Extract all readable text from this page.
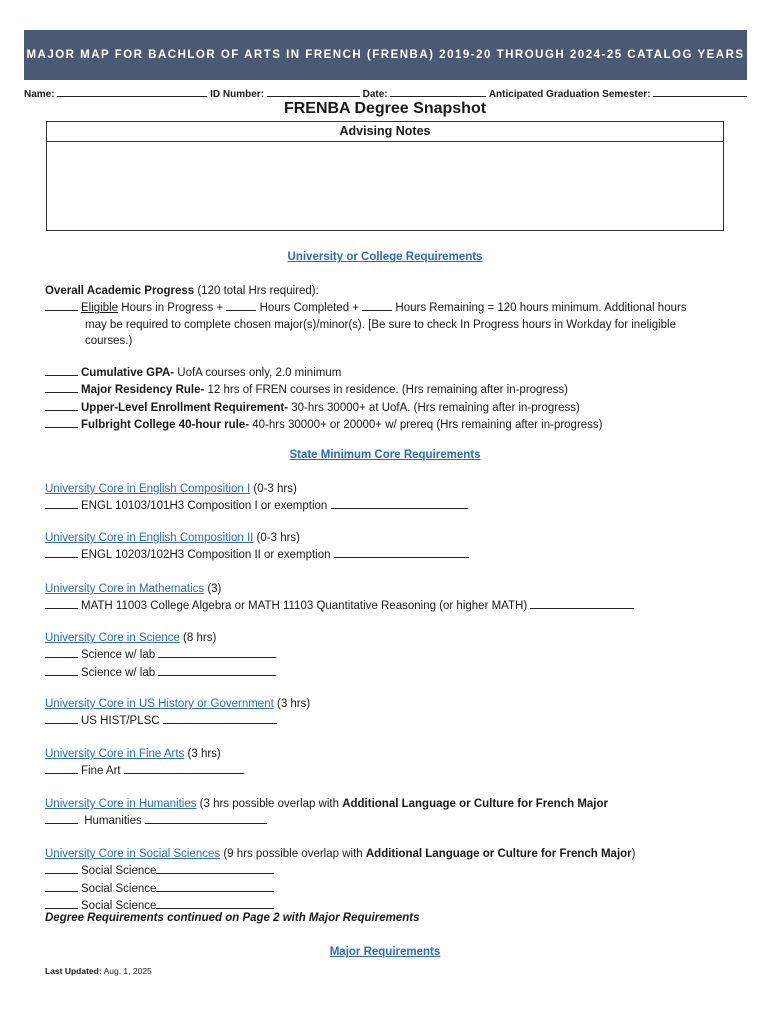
MAJOR MAP FOR BACHLOR OF ARTS IN FRENCH (FRENBA) 2019-20 THROUGH 2024-25 CATALOG YEARS
Name:	ID Number:	Date:	Anticipated Graduation Semester:
FRENBA Degree Snapshot
Advising Notes
University or College Requirements
Overall Academic Progress (120 total Hrs required):
Eligible Hours in Progress +	Hours Completed +	Hours Remaining = 120 hours minimum. Additional hours
may be required to complete chosen major(s)/minor(s). [Be sure to check In Progress hours in Workday for ineligible
courses.)
Cumulative GPA- UofA courses only, 2.0 minimum
Major Residency Rule- 12 hrs of FREN courses in residence. (Hrs remaining after in-progress)
Upper-Level Enrollment Requirement- 30-hrs 30000+ at UofA. (Hrs remaining after in-progress)
Fulbright College 40-hour rule- 40-hrs 30000+ or 20000+ w/ prereq (Hrs remaining after in-progress)
State Minimum Core Requirements
University Core in English Composition I (0-3 hrs)
ENGL 10103/101H3 Composition I or exemption
University Core in English Composition II (0-3 hrs)
ENGL 10203/102H3 Composition II or exemption
University Core in Mathematics (3)
MATH 11003 College Algebra or MATH 11103 Quantitative Reasoning (or higher MATH)
University Core in Science (8 hrs)
Science w/ lab
Science w/ lab
University Core in US History or Government (3 hrs)
US HIST/PLSC
University Core in Fine Arts (3 hrs)
Fine Art
University Core in Humanities (3 hrs possible overlap with Additional Language or Culture for French Major
Humanities
University Core in Social Sciences (9 hrs possible overlap with Additional Language or Culture for French Major)
Social Science
Social Science
Social Science
Degree Requirements continued on Page 2 with Major Requirements
Major Requirements
Last Updated: Aug. 1, 2025
